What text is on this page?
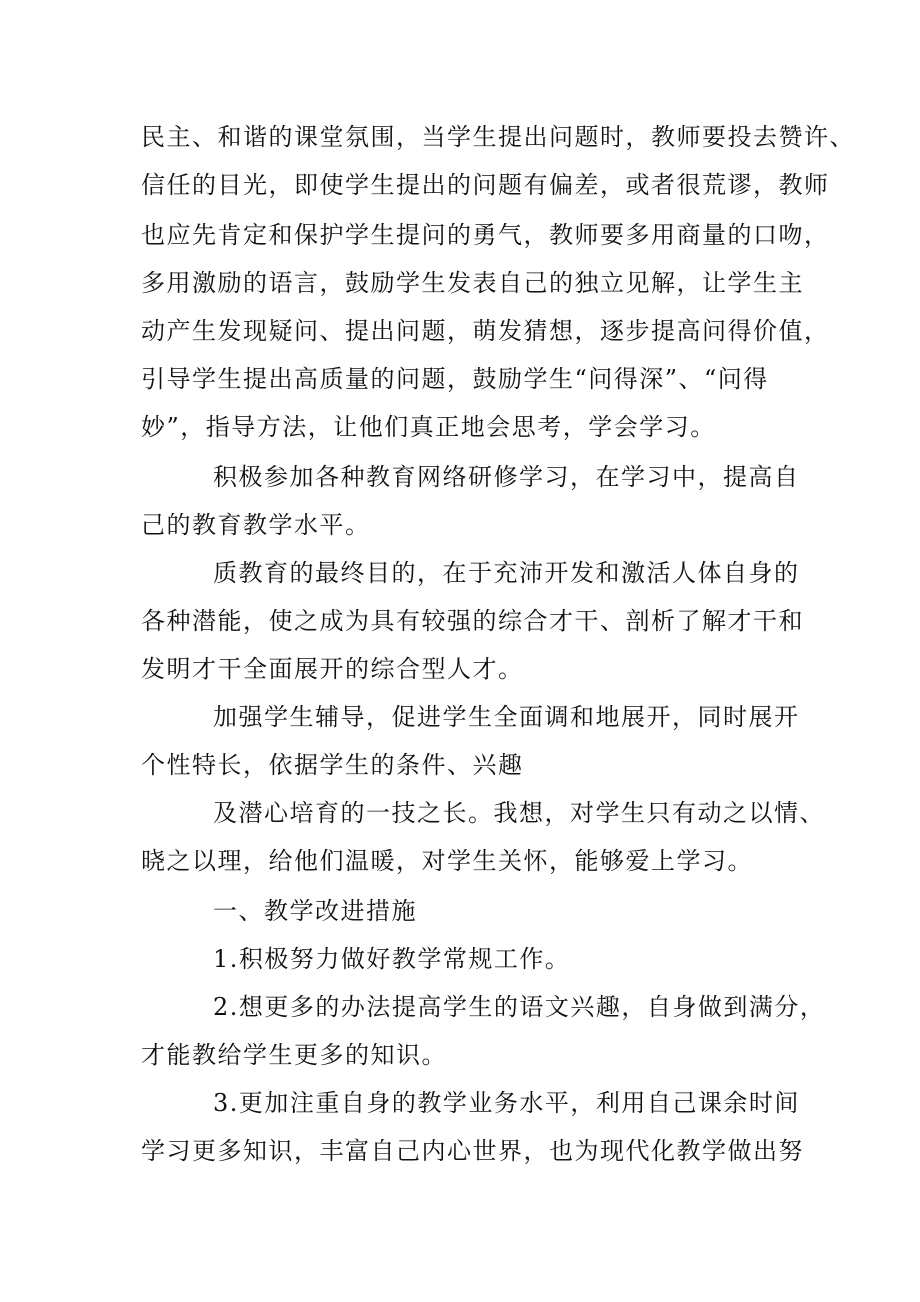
民主、和谐的课堂氛围，当学生提出问题时，教师要投去赞许、
信任的目光，即使学生提出的问题有偏差，或者很荒谬，教师
也应先肯定和保护学生提问的勇气，教师要多用商量的口吻，
多用激励的语言，鼓励学生发表自己的独立见解，让学生主
动产生发现疑问、提出问题，萌发猜想，逐步提高问得价值，
引导学生提出高质量的问题，鼓励学生“问得深”、“问得
妙”，指导方法，让他们真正地会思考，学会学习。
积极参加各种教育网络研修学习，在学习中，提高自
己的教育教学水平。
质教育的最终目的，在于充沛开发和激活人体自身的
各种潜能，使之成为具有较强的综合才干、剖析了解才干和
发明才干全面展开的综合型人才。
加强学生辅导，促进学生全面调和地展开，同时展开
个性特长，依据学生的条件、兴趣
及潜心培育的一技之长。我想，对学生只有动之以情、
晓之以理，给他们温暖，对学生关怀，能够爱上学习。
一、教学改进措施
1.积极努力做好教学常规工作。
2.想更多的办法提高学生的语文兴趣，自身做到满分，
才能教给学生更多的知识。
3.更加注重自身的教学业务水平，利用自己课余时间
学习更多知识，丰富自己内心世界，也为现代化教学做出努
